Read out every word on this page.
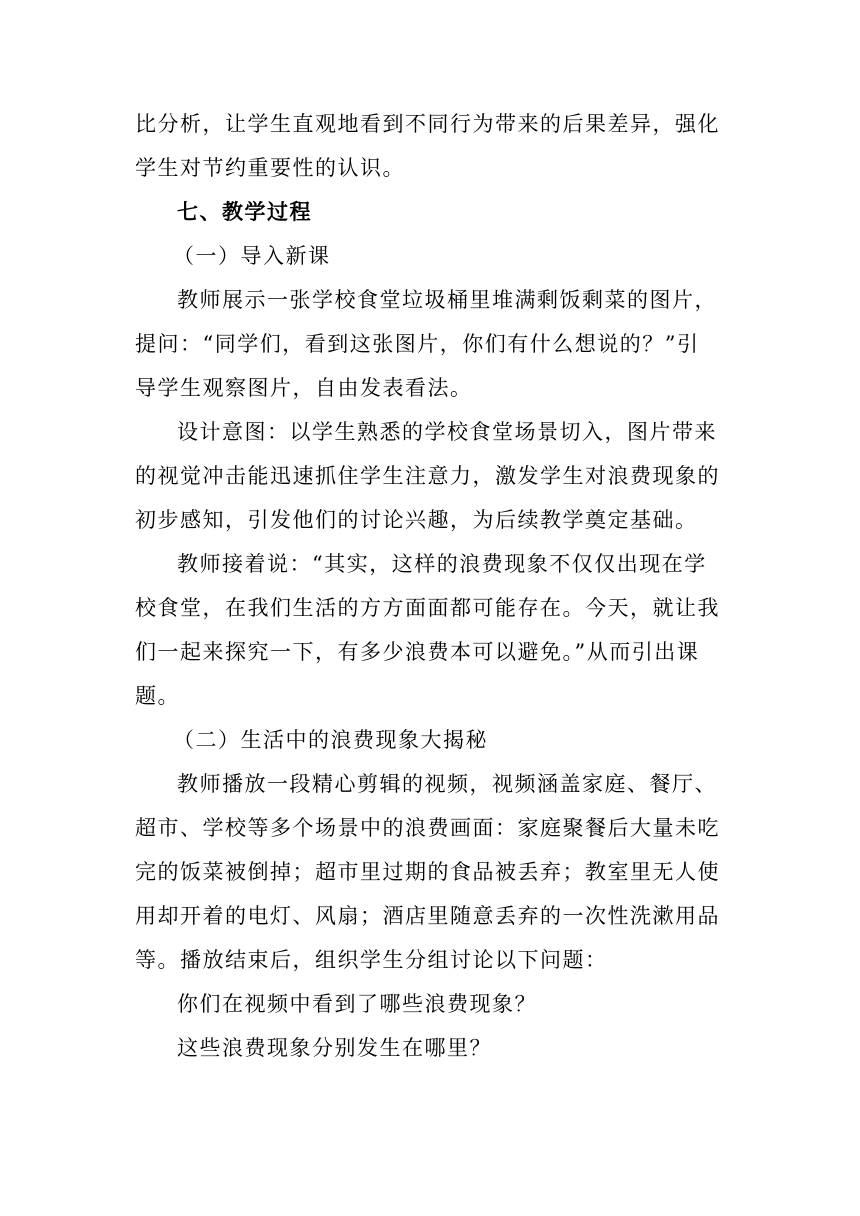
比分析，让学生直观地看到不同行为带来的后果差异，强化
学生对节约重要性的认识。
七、教学过程
（一）导入新课
教师展示一张学校食堂垃圾桶里堆满剩饭剩菜的图片，
提问：“同学们，看到这张图片，你们有什么想说的？”引
导学生观察图片，自由发表看法。
设计意图：以学生熟悉的学校食堂场景切入，图片带来
的视觉冲击能迅速抓住学生注意力，激发学生对浪费现象的
初步感知，引发他们的讨论兴趣，为后续教学奠定基础。
教师接着说：“其实，这样的浪费现象不仅仅出现在学
校食堂，在我们生活的方方面面都可能存在。今天，就让我
们一起来探究一下，有多少浪费本可以避免。”从而引出课
题。
（二）生活中的浪费现象大揭秘
教师播放一段精心剪辑的视频，视频涵盖家庭、餐厅、
超市、学校等多个场景中的浪费画面：家庭聚餐后大量未吃
完的饭菜被倒掉；超市里过期的食品被丢弃；教室里无人使
用却开着的电灯、风扇；酒店里随意丢弃的一次性洗漱用品
等。播放结束后，组织学生分组讨论以下问题：
你们在视频中看到了哪些浪费现象？
这些浪费现象分别发生在哪里？
